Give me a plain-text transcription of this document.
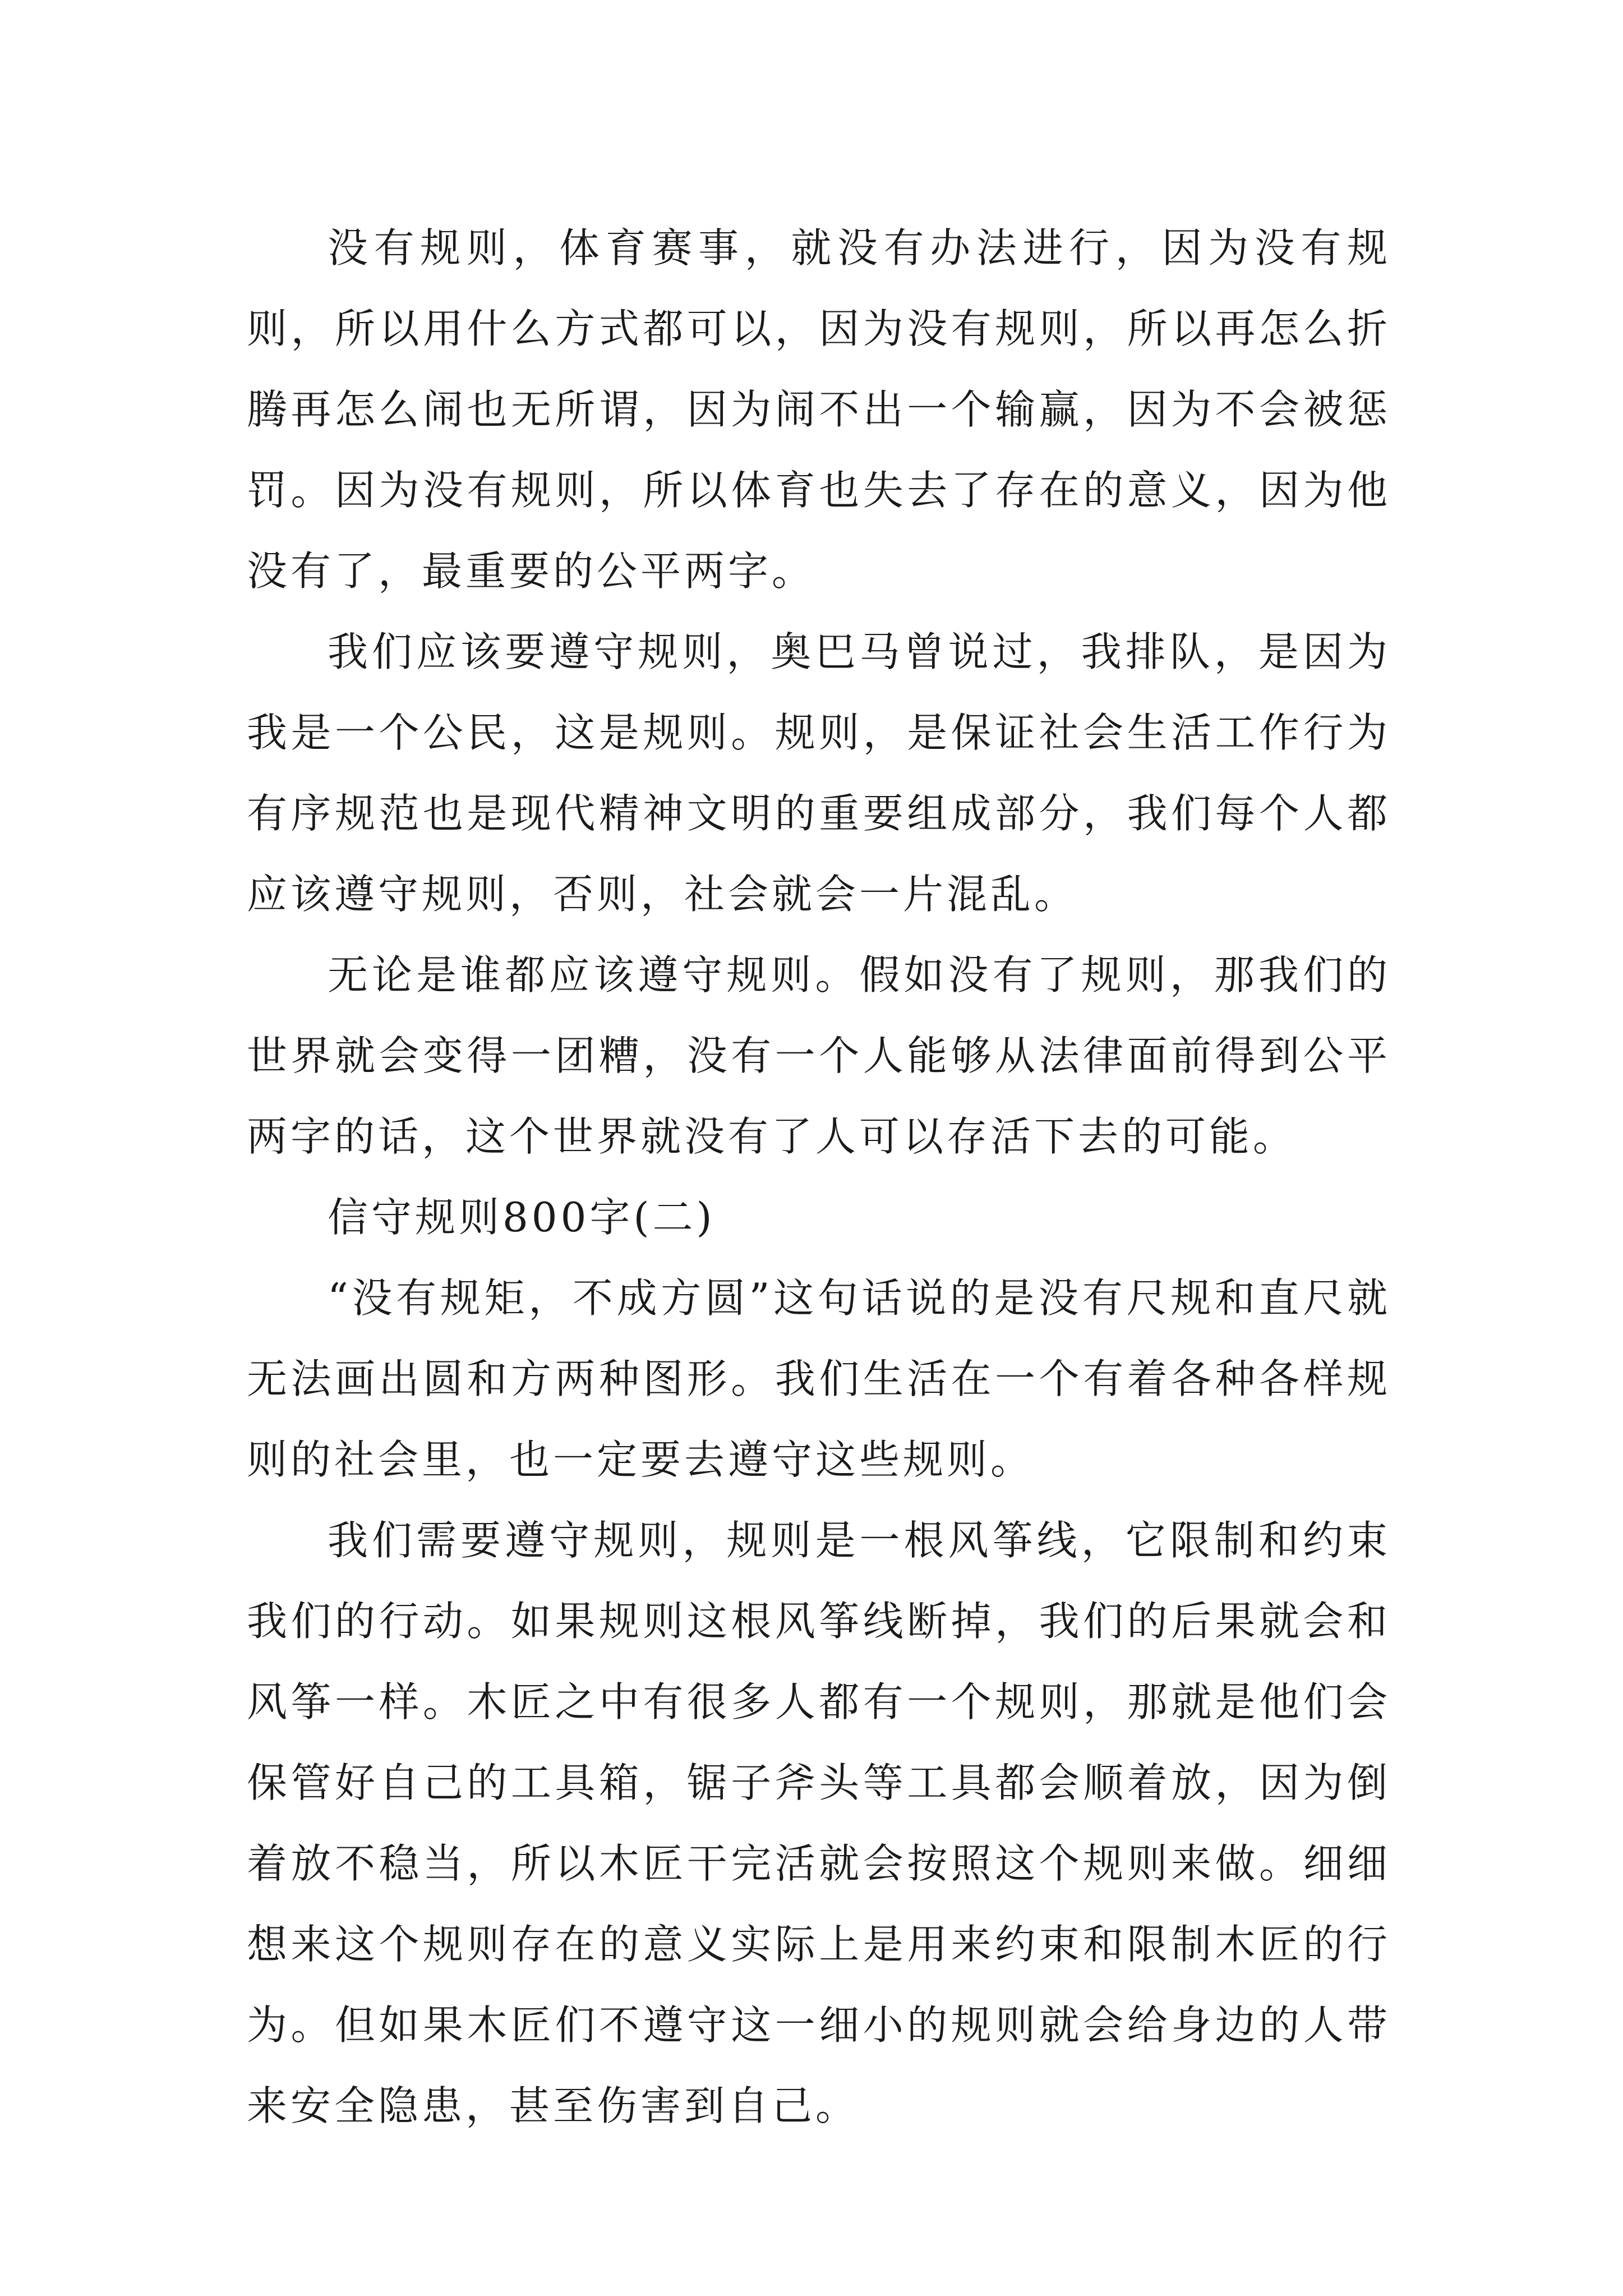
没有规则，体育赛事，就没有办法进行，因为没有规则，所以用什么方式都可以，因为没有规则，所以再怎么折腾再怎么闹也无所谓，因为闹不出一个输赢，因为不会被惩罚。因为没有规则，所以体育也失去了存在的意义，因为他没有了，最重要的公平两字。

我们应该要遵守规则，奥巴马曾说过，我排队，是因为我是一个公民，这是规则。规则，是保证社会生活工作行为有序规范也是现代精神文明的重要组成部分，我们每个人都应该遵守规则，否则，社会就会一片混乱。

无论是谁都应该遵守规则。假如没有了规则，那我们的世界就会变得一团糟，没有一个人能够从法律面前得到公平两字的话，这个世界就没有了人可以存活下去的可能。

信守规则800字(二)

“没有规矩，不成方圆”这句话说的是没有尺规和直尺就无法画出圆和方两种图形。我们生活在一个有着各种各样规则的社会里，也一定要去遵守这些规则。

我们需要遵守规则，规则是一根风筝线，它限制和约束我们的行动。如果规则这根风筝线断掉，我们的后果就会和风筝一样。木匠之中有很多人都有一个规则，那就是他们会保管好自己的工具箱，锯子斧头等工具都会顺着放，因为倒着放不稳当，所以木匠干完活就会按照这个规则来做。细细想来这个规则存在的意义实际上是用来约束和限制木匠的行为。但如果木匠们不遵守这一细小的规则就会给身边的人带来安全隐患，甚至伤害到自己。
